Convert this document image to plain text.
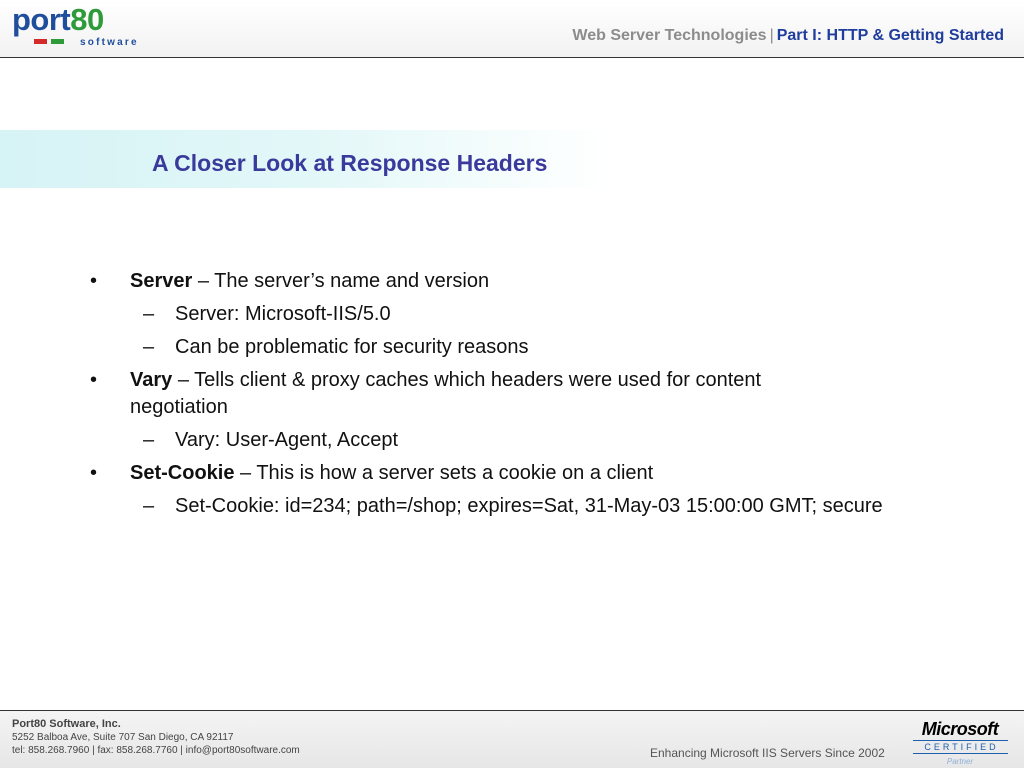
port80
software	Web Server Technologies | Part I: HTTP & Getting Started
A Closer Look at Response Headers
• Server – The server’s name and version
– Server: Microsoft-IIS/5.0
– Can be problematic for security reasons
• Vary – Tells client & proxy caches which headers were used for content negotiation
– Vary: User-Agent, Accept
• Set-Cookie – This is how a server sets a cookie on a client
– Set-Cookie: id=234; path=/shop; expires=Sat, 31-May-03 15:00:00 GMT; secure
Port80 Software, Inc.
5252 Balboa Ave, Suite 707 San Diego, CA 92117
tel: 858.268.7960 | fax: 858.268.7760 | info@port80software.com	Enhancing Microsoft IIS Servers Since 2002
Microsoft
CERTIFIED
Partner
